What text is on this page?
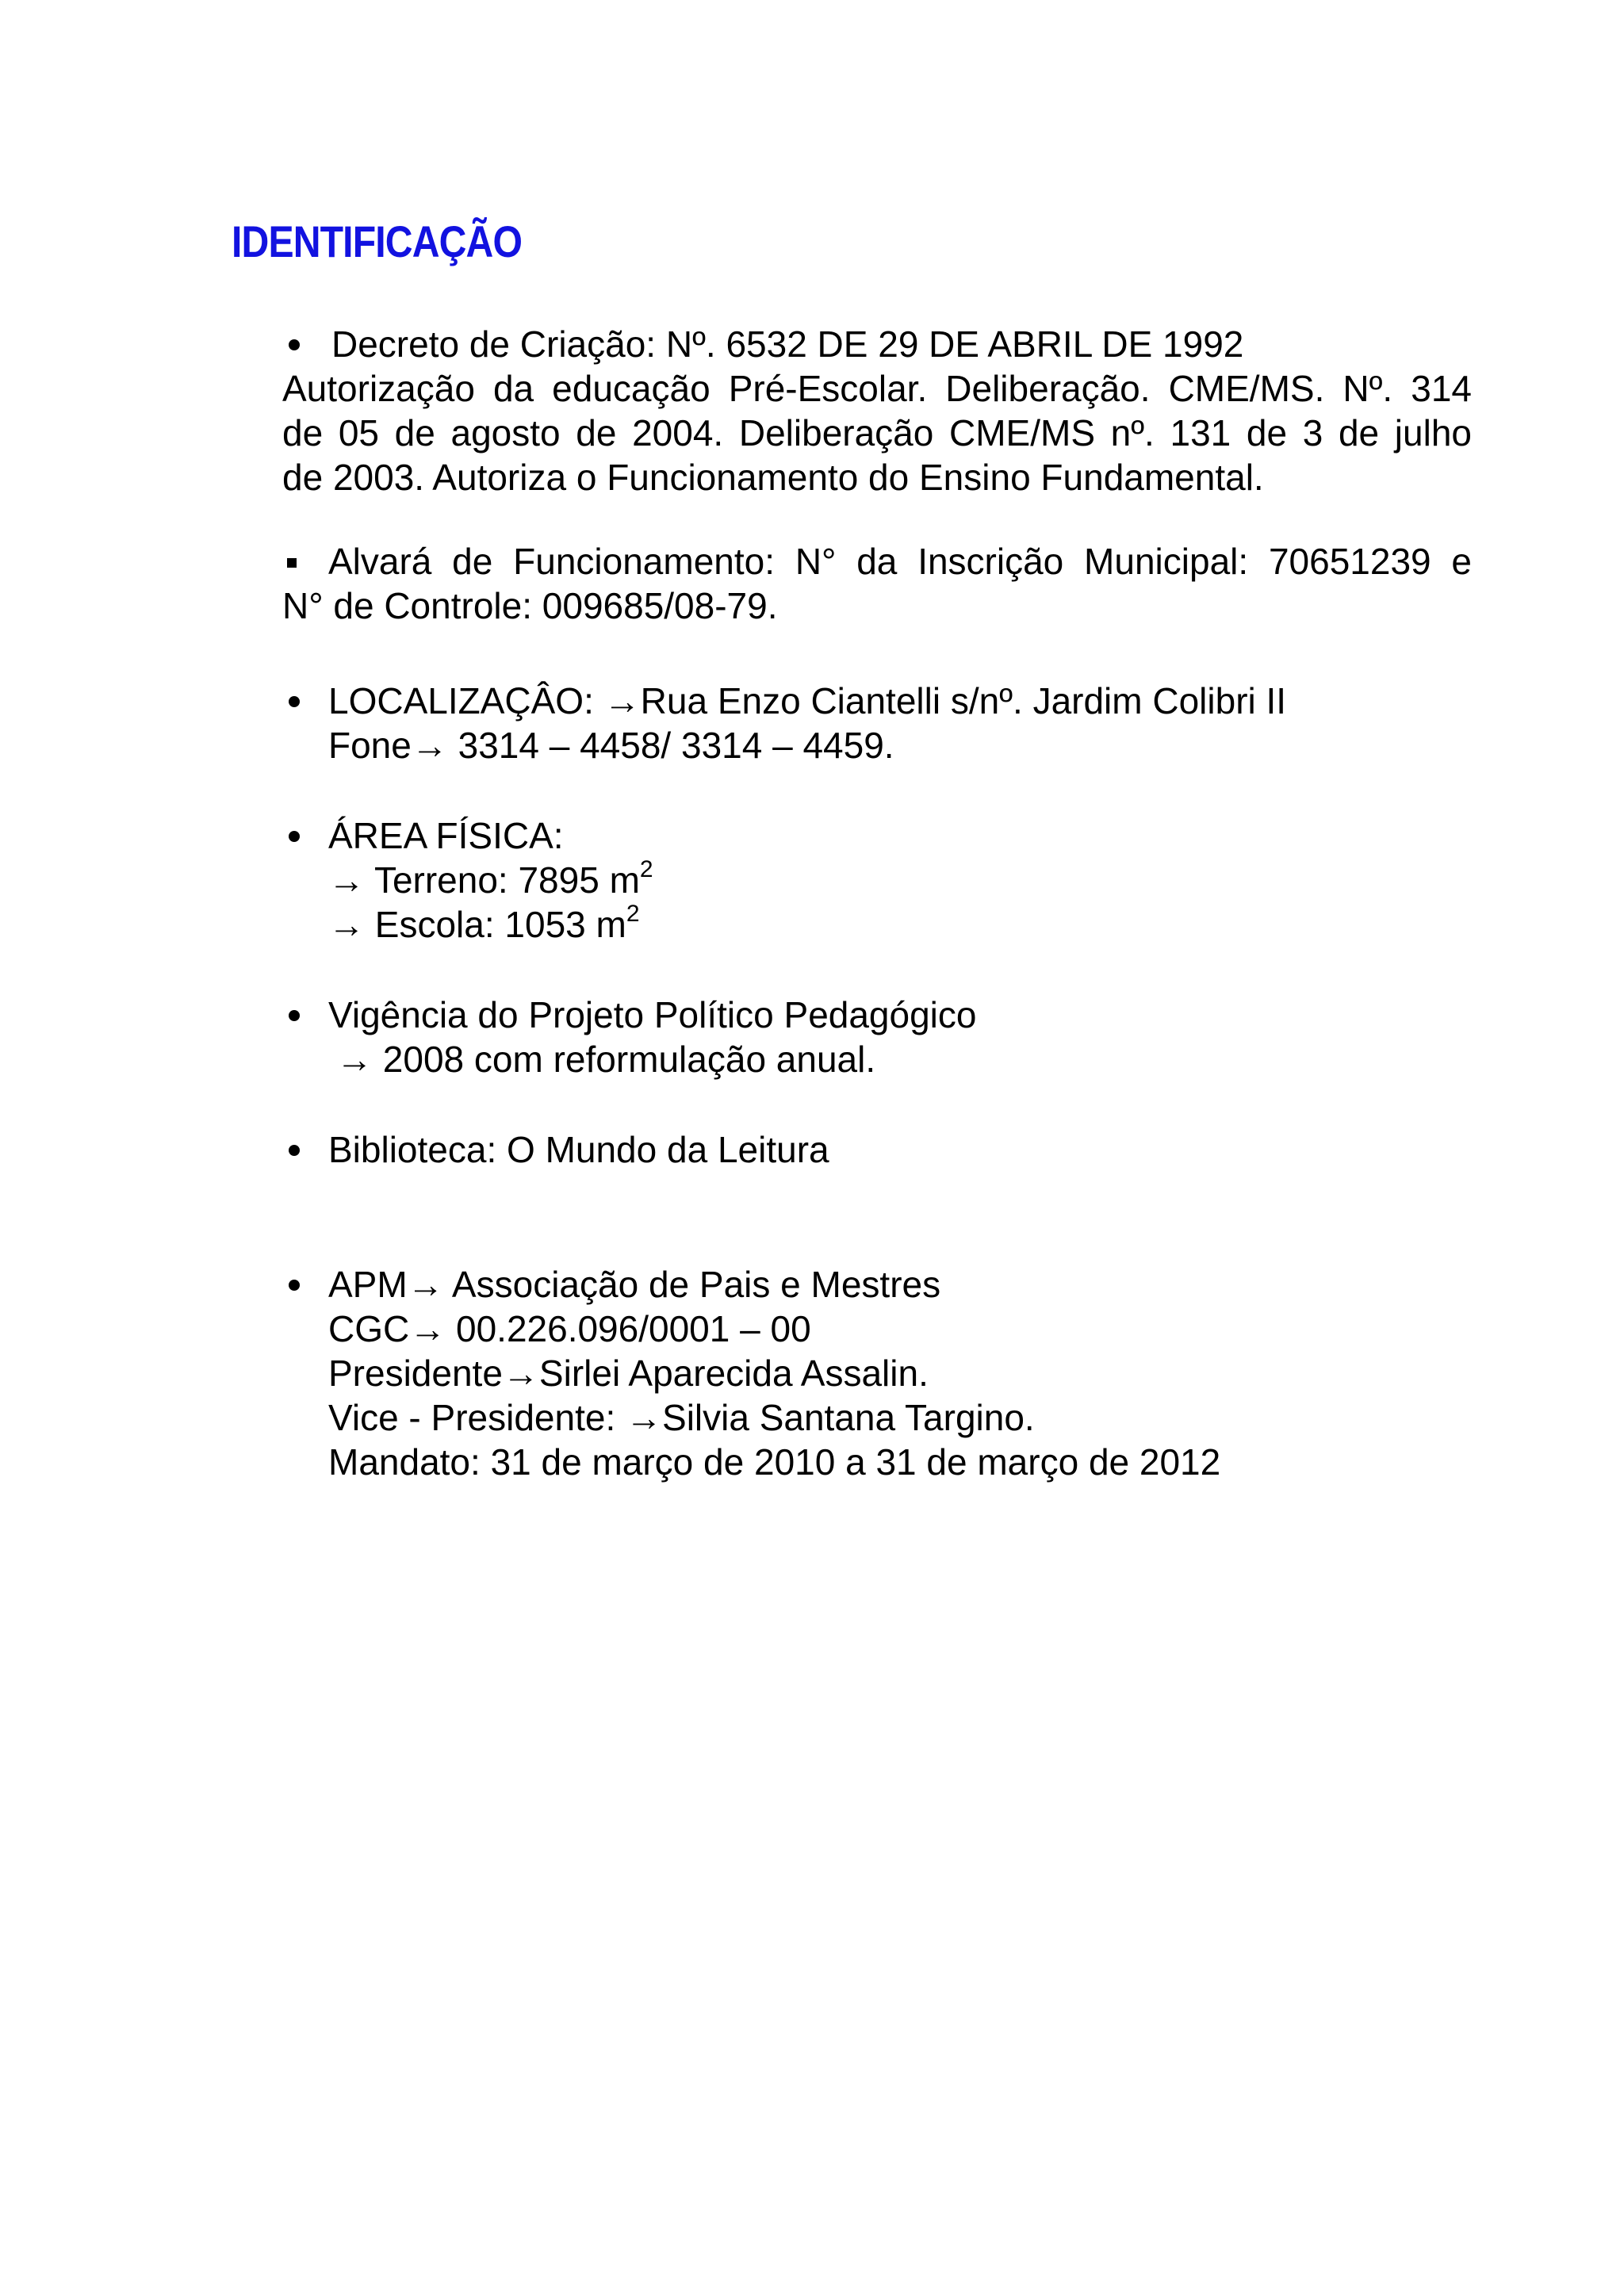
IDENTIFICAÇÃO
Decreto de Criação: Nº. 6532 DE 29 DE ABRIL DE 1992
Autorização da educação Pré-Escolar. Deliberação. CME/MS. Nº. 314
de 05 de agosto de 2004. Deliberação CME/MS nº. 131 de 3 de julho
de 2003. Autoriza o Funcionamento do Ensino Fundamental.
Alvará de Funcionamento: N° da Inscrição Municipal: 70651239 e
N° de Controle: 009685/08-79.
LOCALIZAÇÂO: →Rua Enzo Ciantelli s/nº. Jardim Colibri II
Fone→ 3314 – 4458/ 3314 – 4459.
ÁREA FÍSICA:
→ Terreno: 7895 $m^2$
→ Escola: 1053 $m^2$
Vigência do Projeto Político Pedagógico
→ 2008 com reformulação anual.
Biblioteca: O Mundo da Leitura
APM→ Associação de Pais e Mestres
CGC→ 00.226.096/0001 – 00
Presidente→Sirlei Aparecida Assalin.
Vice - Presidente: →Silvia Santana Targino.
Mandato: 31 de março de 2010 a 31 de março de 2012
